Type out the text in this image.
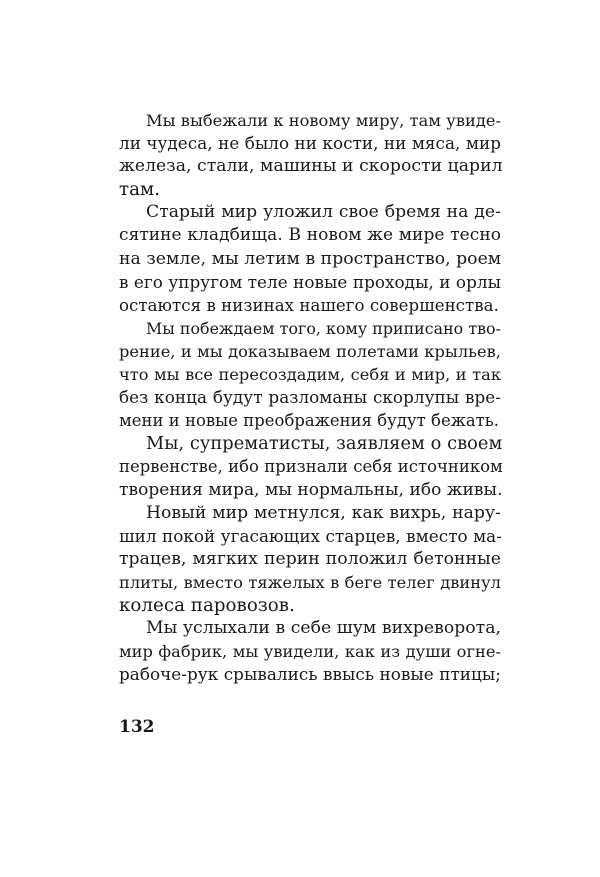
Мы выбежали к новому миру, там увиде-
ли чудеса, не было ни кости, ни мяса, мир
железа, стали, машины и скорости царил
там.
Старый мир уложил свое бремя на де-
сятине кладбища. В новом же мире тесно
на земле, мы летим в пространство, роем
в его упругом теле новые проходы, и орлы
остаются в низинах нашего совершенства.
Мы побеждаем того, кому приписано тво-
рение, и мы доказываем полетами крыльев,
что мы все пересоздадим, себя и мир, и так
без конца будут разломаны скорлупы вре-
мени и новые преображения будут бежать.
Мы, супрематисты, заявляем о своем
первенстве, ибо признали себя источником
творения мира, мы нормальны, ибо живы.
Новый мир метнулся, как вихрь, нару-
шил покой угасающих старцев, вместо ма-
трацев, мягких перин положил бетонные
плиты, вместо тяжелых в беге телег двинул
колеса паровозов.
Мы услыхали в себе шум вихреворота,
мир фабрик, мы увидели, как из души огне-
рабоче-рук срывались ввысь новые птицы;
132
